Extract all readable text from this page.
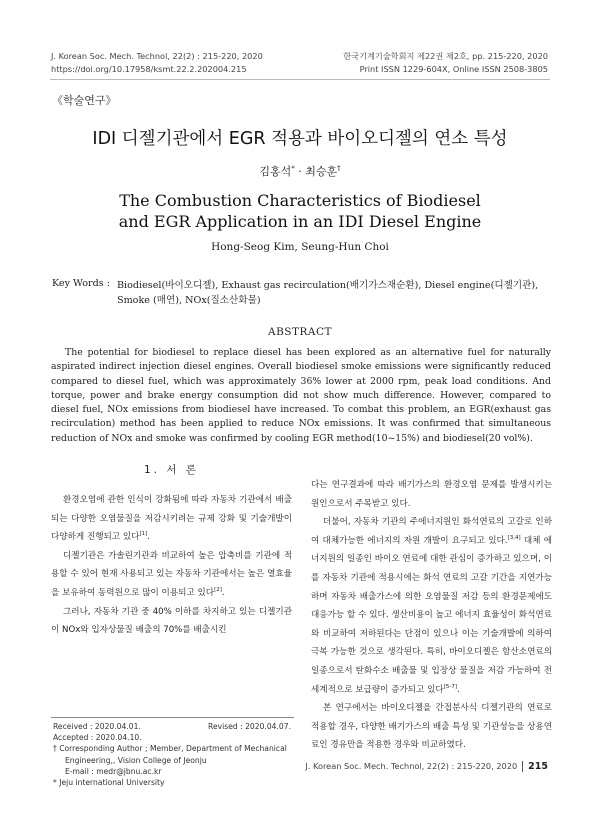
J. Korean Soc. Mech. Technol, 22(2) : 215-220, 2020
https://doi.org/10.17958/ksmt.22.2.202004.215
한국기계기술학회지 제22권 제2호, pp. 215-220, 2020
Print ISSN 1229-604X, Online ISSN 2508-3805
《학술연구》
IDI 디젤기관에서 EGR 적용과 바이오디젤의 연소 특성
김홍석* · 최승훈†
The Combustion Characteristics of Biodiesel
and EGR Application in an IDI Diesel Engine
Hong-Seog Kim, Seung-Hun Choi
Key Words : Biodiesel(바이오디젤), Exhaust gas recirculation(배기가스재순환), Diesel engine(디젤기관), Smoke (매연), NOx(질소산화물)
ABSTRACT
The potential for biodiesel to replace diesel has been explored as an alternative fuel for naturally aspirated indirect injection diesel engines. Overall biodiesel smoke emissions were significantly reduced compared to diesel fuel, which was approximately 36% lower at 2000 rpm, peak load conditions. And torque, power and brake energy consumption did not show much difference. However, compared to diesel fuel, NOx emissions from biodiesel have increased. To combat this problem, an EGR(exhaust gas recirculation) method has been applied to reduce NOx emissions. It was confirmed that simultaneous reduction of NOx and smoke was confirmed by cooling EGR method(10~15%) and biodiesel(20 vol%).
1. 서 론

환경오염에 관한 인식이 강화됨에 따라 자동차 기관에서 배출되는 다양한 오염물질을 저감시키려는 규제 강화 및 기술개발이 다양하게 진행되고 있다[1].

디젤기관은 가솔린기관과 비교하여 높은 압축비를 기관에 적용할 수 있어 현재 사용되고 있는 자동차 기관에서는 높은 열효율을 보유하여 동력원으로 많이 이용되고 있다[2].

그러나, 자동차 기관 중 40% 이하를 차지하고 있는 디젤기관이 NOx와 입자상물질 배출의 70%를 배출시킨

다는 연구결과에 따라 배기가스의 환경오염 문제를 발생시키는 원인으로서 주목받고 있다.

더불어, 자동차 기관의 주에너지원인 화석연료의 고갈로 인하여 대체가능한 에너지의 자원 개발이 요구되고 있다.[3,4] 대체 에너지원의 일종인 바이오 연료에 대한 관심이 증가하고 있으며, 이를 자동차 기관에 적용시에는 화석 연료의 고갈 기간을 지연가능하며 자동차 배출가스에 의한 오염물질 저감 등의 환경문제에도 대응가능 할 수 있다. 생산비용이 높고 에너지 효율성이 화석연료와 비교하여 저하된다는 단점이 있으나 이는 기술개발에 의하여 극복 가능한 것으로 생각된다. 특히, 바이오디젤은 함산소연료의 일종으로서 탄화수소 배출물 및 입장상 물질을 저감 가능하여 전 세계적으로 보급량이 증가되고 있다[5-7].

본 연구에서는 바이오디젤을 간접분사식 디젤기관의 연료로 적용할 경우, 다양한 배기가스의 배출 특성 및 기관성능을 상용연료인 경유만을 적용한 경우와 비교하였다.

Received : 2020.04.01.	Revised : 2020.04.07.
Accepted : 2020.04.10.
† Corresponding Author ; Member, Department of Mechanical
Engineering,, Vision College of Jeonju
E-mail : medr@jbnu.ac.kr
* Jeju international University
J. Korean Soc. Mech. Technol, 22(2) : 215-220, 2020 215
